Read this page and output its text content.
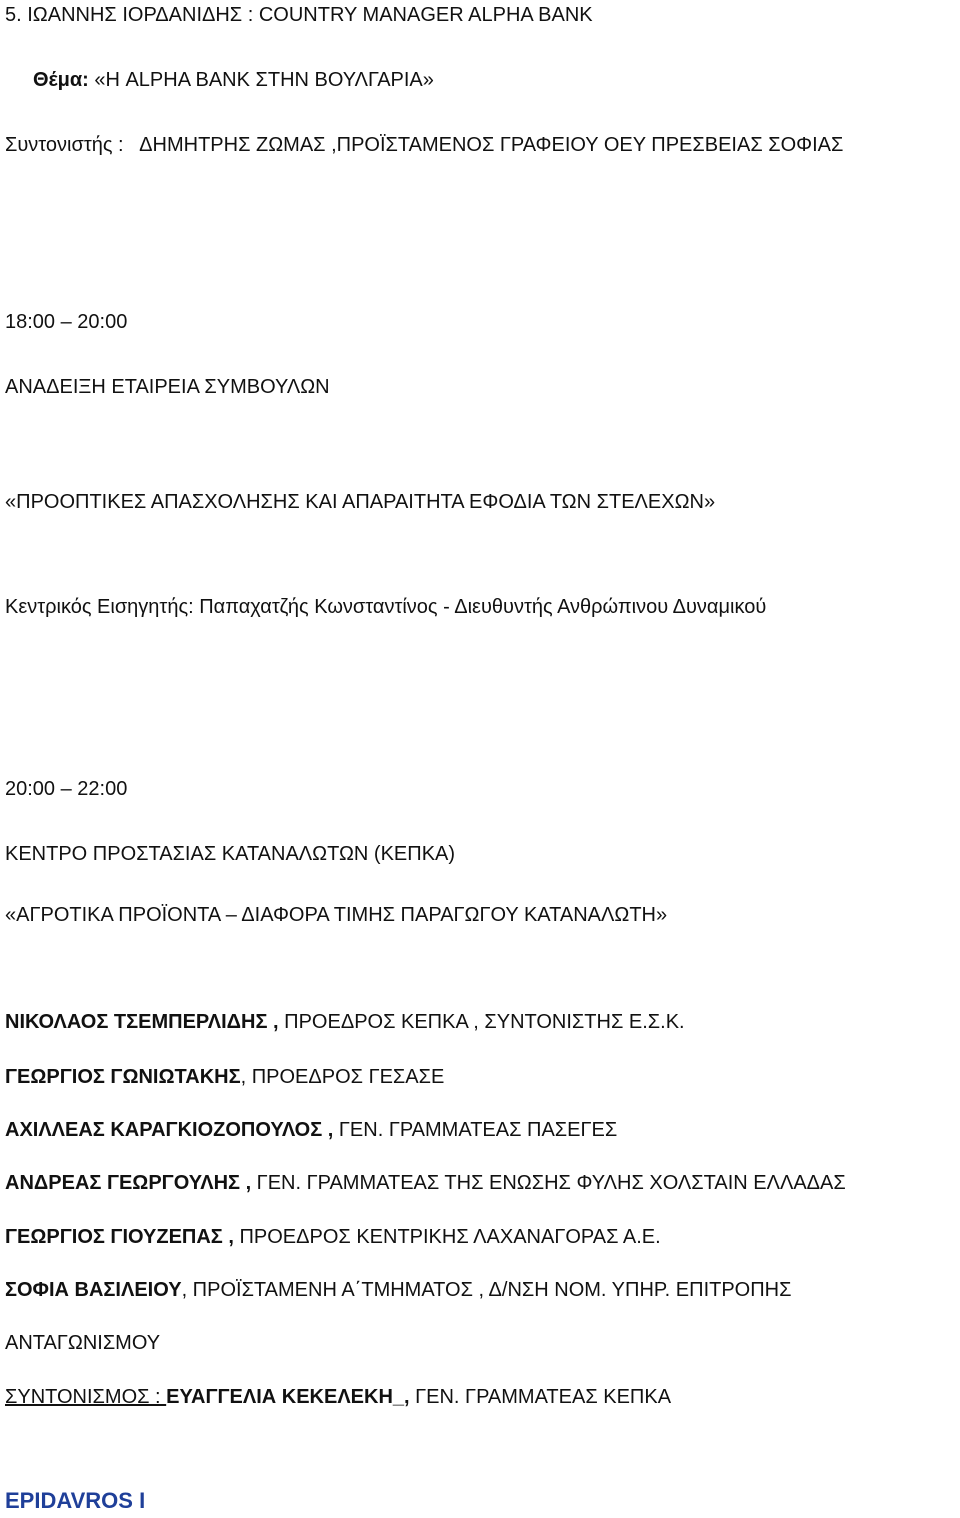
5. ΙΩΑΝΝΗΣ ΙΟΡΔΑΝΙΔΗΣ : COUNTRY MANAGER ALPHA BANK
Θέμα: «Η ALPHA BANK ΣΤΗΝ ΒΟΥΛΓΑΡΙΑ»
Συντονιστής : ΔΗΜΗΤΡΗΣ ΖΩΜΑΣ ,ΠΡΟΪΣΤΑΜΕΝΟΣ ΓΡΑΦΕΙΟΥ ΟΕΥ ΠΡΕΣΒΕΙΑΣ ΣΟΦΙΑΣ
18:00 – 20:00
ΑΝΑΔΕΙΞΗ ΕΤΑΙΡΕΙΑ ΣΥΜΒΟΥΛΩΝ
«ΠΡΟΟΠΤΙΚΕΣ ΑΠΑΣΧΟΛΗΣΗΣ ΚΑΙ ΑΠΑΡΑΙΤΗΤΑ ΕΦΟΔΙΑ ΤΩΝ ΣΤΕΛΕΧΩΝ»
Κεντρικός Εισηγητής: Παπαχατζής Κωνσταντίνος - Διευθυντής Ανθρώπινου Δυναμικού
20:00 – 22:00
ΚΕΝΤΡΟ ΠΡΟΣΤΑΣΙΑΣ ΚΑΤΑΝΑΛΩΤΩΝ (ΚΕΠΚΑ)
«ΑΓΡΟΤΙΚΑ ΠΡΟΪΟΝΤΑ – ΔΙΑΦΟΡΑ ΤΙΜΗΣ ΠΑΡΑΓΩΓΟΥ ΚΑΤΑΝΑΛΩΤΗ»
ΝΙΚΟΛΑΟΣ ΤΣΕΜΠΕΡΛΙΔΗΣ , ΠΡΟΕΔΡΟΣ ΚΕΠΚΑ , ΣΥΝΤΟΝΙΣΤΗΣ Ε.Σ.Κ.
ΓΕΩΡΓΙΟΣ ΓΩΝΙΩΤΑΚΗΣ, ΠΡΟΕΔΡΟΣ ΓΕΣΑΣΕ
ΑΧΙΛΛΕΑΣ ΚΑΡΑΓΚΙΟΖΟΠΟΥΛΟΣ , ΓΕΝ. ΓΡΑΜΜΑΤΕΑΣ ΠΑΣΕΓΕΣ
ΑΝΔΡΕΑΣ ΓΕΩΡΓΟΥΛΗΣ , ΓΕΝ. ΓΡΑΜΜΑΤΕΑΣ ΤΗΣ ΕΝΩΣΗΣ ΦΥΛΗΣ ΧΟΛΣΤΑΙΝ ΕΛΛΑΔΑΣ
ΓΕΩΡΓΙΟΣ ΓΙΟΥΖΕΠΑΣ , ΠΡΟΕΔΡΟΣ ΚΕΝΤΡΙΚΗΣ ΛΑΧΑΝΑΓΟΡΑΣ Α.Ε.
ΣΟΦΙΑ ΒΑΣΙΛΕΙΟΥ, ΠΡΟΪΣΤΑΜΕΝΗ Α΄ΤΜΗΜΑΤΟΣ , Δ/ΝΣΗ ΝΟΜ. ΥΠΗΡ. ΕΠΙΤΡΟΠΗΣ
ΑΝΤΑΓΩΝΙΣΜΟΥ
ΣΥΝΤΟΝΙΣΜΟΣ : ΕΥΑΓΓΕΛΙΑ ΚΕΚΕΛΕΚΗ_, ΓΕΝ. ΓΡΑΜΜΑΤΕΑΣ ΚΕΠΚΑ
EPIDAVROS I
